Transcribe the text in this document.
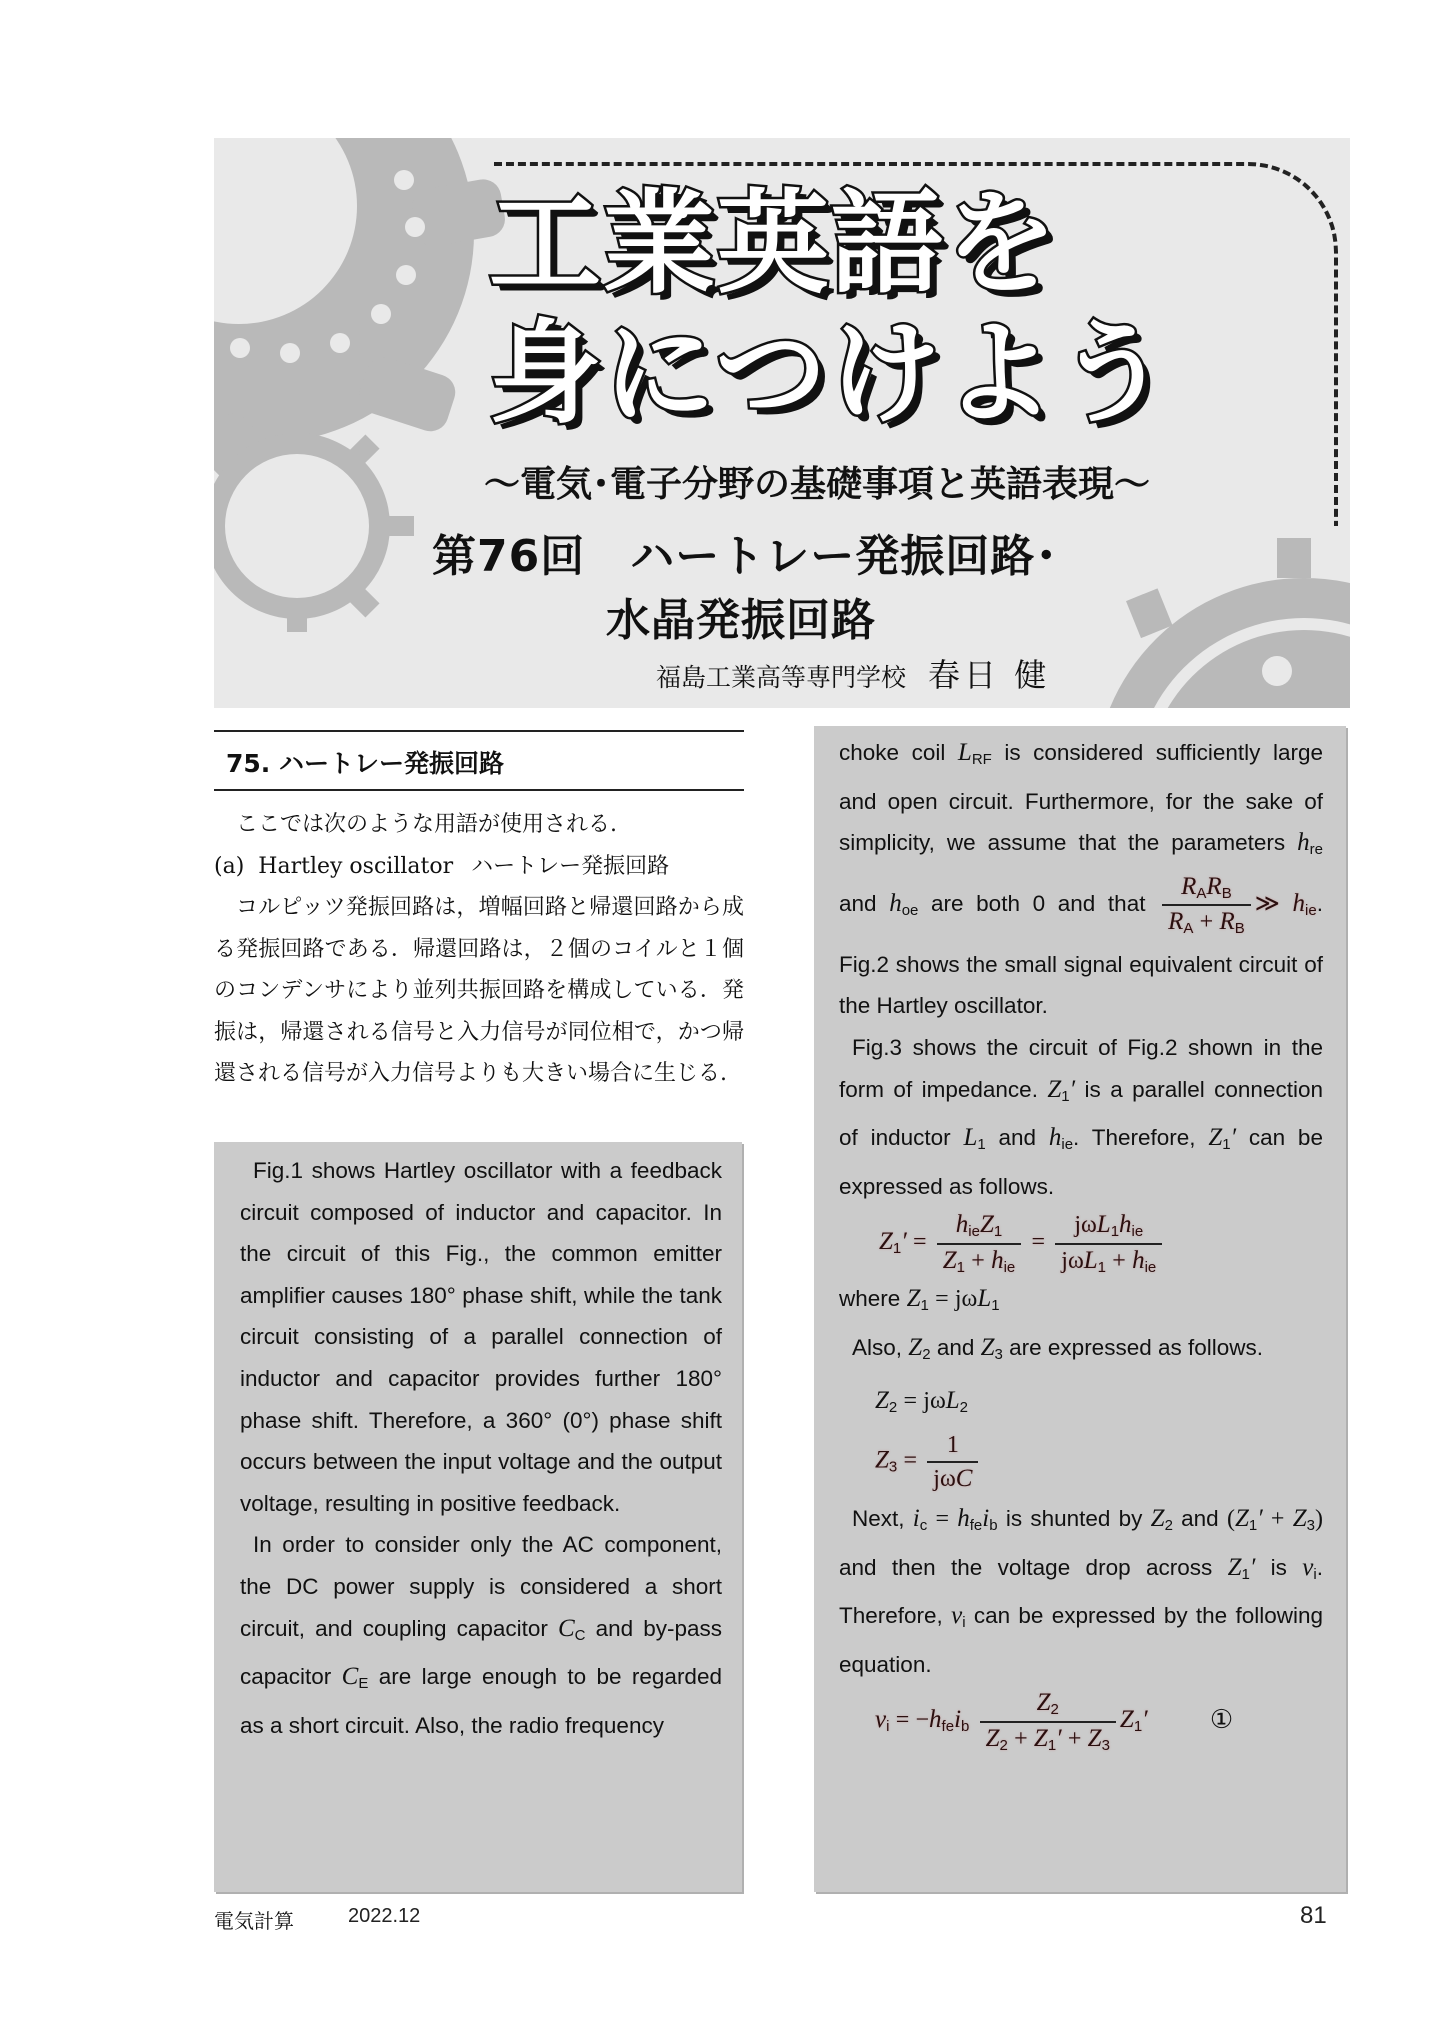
工業英語を
身につけよう
～電気･電子分野の基礎事項と英語表現～
第76回　ハートレー発振回路･
水晶発振回路
福島工業高等専門学校 春日 健
75. ハートレー発振回路

ここでは次のような用語が使用される.

(a) Hartley oscillator ハートレー発振回路

コルピッツ発振回路は，増幅回路と帰還回路から成る発振回路である．帰還回路は，２個のコイルと１個のコンデンサにより並列共振回路を構成している．発振は，帰還される信号と入力信号が同位相で，かつ帰還される信号が入力信号よりも大きい場合に生じる.

Fig.1 shows Hartley oscillator with a feedback circuit composed of inductor and capacitor. In the circuit of this Fig., the common emitter amplifier causes 180° phase shift, while the tank circuit consisting of a parallel connection of inductor and capacitor provides further 180° phase shift. Therefore, a 360° (0°) phase shift occurs between the input voltage and the output voltage, resulting in positive feedback.

In order to consider only the AC component, the DC power supply is considered a short circuit, and coupling capacitor $C_C$ and by-pass capacitor $C_E$ are large enough to be regarded as a short circuit. Also, the radio frequency

choke coil $L_{RF}$ is considered sufficiently large and open circuit. Furthermore, for the sake of simplicity, we assume that the parameters $h_{re}$ and $h_{oe}$ are both 0 and that $\frac{R_AR_B}{R_A + R_B}$ ≫ $h_{ie}$. Fig.2 shows the small signal equivalent circuit of the Hartley oscillator.

Fig.3 shows the circuit of Fig.2 shown in the form of impedance. $Z_1'$ is a parallel connection of inductor $L_1$ and $h_{ie}$. Therefore, $Z_1'$ can be expressed as follows.

$Z_1' = \frac{h_{ie}Z_1}{Z_1 + h_{ie}} = \frac{j\omega L_1h_{ie}}{j\omega L_1 + h_{ie}}$

where $Z_1 = j\omega L_1$

Also, $Z_2$ and $Z_3$ are expressed as follows.

$Z_2 = j\omega L_2$
$Z_3 = \frac{1}{\text{jωC}}$

Next, $i_c = h_{fe}i_b$ is shunted by $Z_2$ and $(Z_1' + Z_3)$ and then the voltage drop across $Z_1'$ is $v_i$. Therefore, $v_i$ can be expressed by the following equation.

$v_i = -h_{fe}i_b \frac{Z_2}{Z_2 + Z_1' + Z_3} Z_1'$ ①
電気計算	2022.12	81
